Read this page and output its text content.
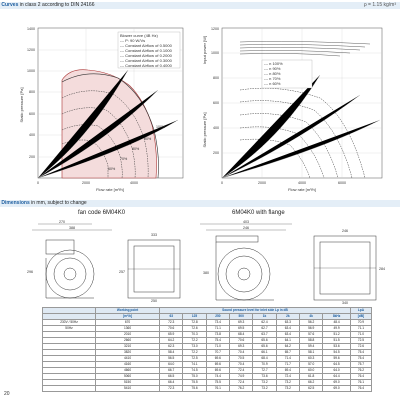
Curves in class 2 according to DIN 24166	ρ = 1.15 kg/m³
Blower curve (4B Hz)
--- P: 90 W/Vs
--- Constant Airflow of 0.5000
--- Constant Airflow of 0.1000
--- Constant Airflow of 0.2000
--- Constant Airflow of 0.3000
--- Constant Airflow of 0.4000
200
400
600
800
1000
1200
1400
0	2000	4000
Flow rate [m³/h]
Static pressure [Pa]
100%
90%
80%
70%
60%
--- n 100%
--- n 90%
--- n 80%
--- n 70%
--- n 60%
200
400
600
800
1000
1200
0	2000	4000	6000
Flow rate [m³/h]
Static pressure [Pa]
Input power [W]
Dimensions in mm, subject to change
fan code 6M04K0	6M04K0 with flange
270
388
333
250
296	257
403
246
246
340
380
284
	Working point	Sound pressure level for inlet side Lp in dB								LpA
	[m³/h]	63	125	250	500	1k	2k	4k	8kHz	[dB]
230V / 50Hz	670	72.3	72.8	73.4	69.3	62.4	63.3	56.2	48.4	70.9
50Hz	1360	70.6	72.6	71.1	69.5	62.7	63.4	56.9	49.9	71.1
	2010	65.9	70.3	73.8	68.4	63.7	63.4	57.6	51.2	71.0
	2660	64.2	72.2	75.4	70.6	65.6	64.1	58.8	51.5	72.5
	3210	62.3	73.0	71.0	69.3	65.6	64.2	59.4	53.6	72.6
	3820	58.4	72.2	70.7	70.4	66.1	65.7	58.1	54.5	75.4
	4410	56.5	72.5	69.6	70.5	68.4	71.4	60.3	59.6	75.4
	4160	64.0	74.1	69.6	70.4	70.9	71.7	57.0	64.5	75.7
	4660	66.7	74.5	69.6	72.4	72.7	69.4	60.0	64.0	76.2
	5060	66.5	75.0	74.4	74.9	73.6	72.4	61.8	64.4	76.4
	5150	66.4	75.5	75.5	72.4	73.2	73.2	66.2	69.0	76.1
	5410	72.3	75.6	76.1	76.2	73.2	73.2	62.5	69.0	76.4
20
